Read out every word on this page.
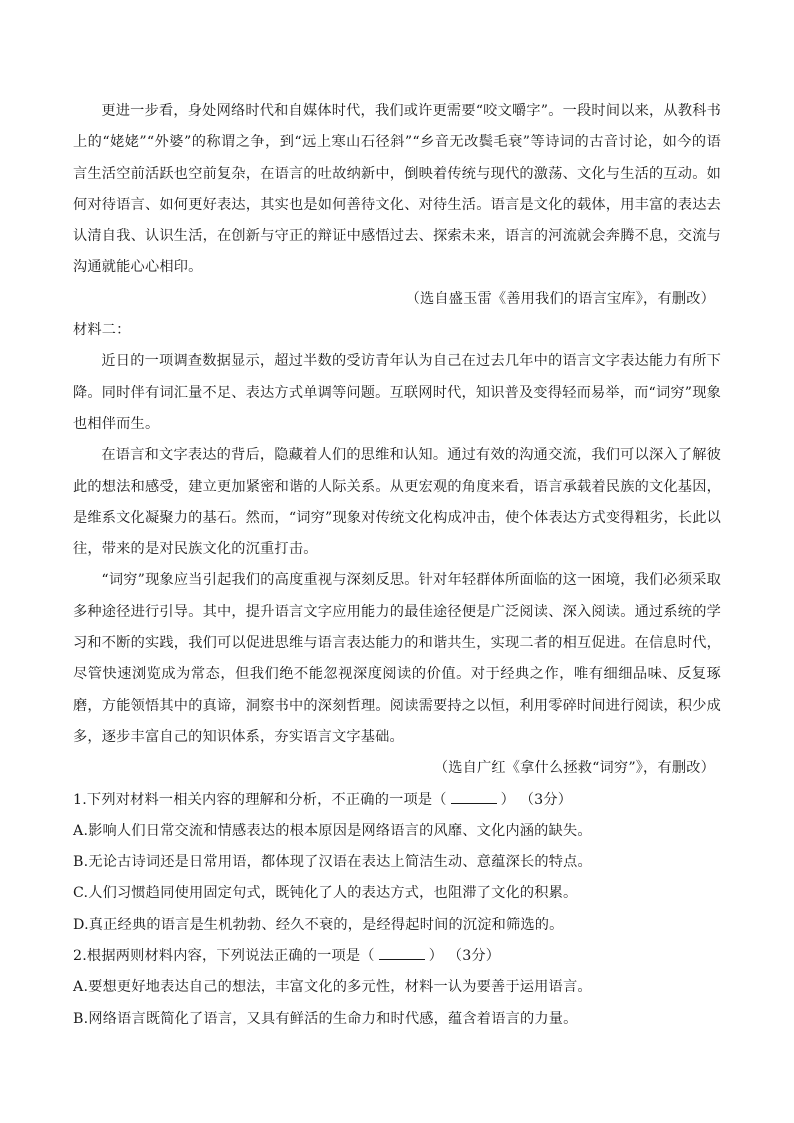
更进一步看，身处网络时代和自媒体时代，我们或许更需要“咬文嚼字”。一段时间以来，从教科书上的“姥姥”“外婆”的称谓之争，到“远上寒山石径斜”“乡音无改鬓毛衰”等诗词的古音讨论，如今的语言生活空前活跃也空前复杂，在语言的吐故纳新中，倒映着传统与现代的激荡、文化与生活的互动。如何对待语言、如何更好表达，其实也是如何善待文化、对待生活。语言是文化的载体，用丰富的表达去认清自我、认识生活，在创新与守正的辩证中感悟过去、探索未来，语言的河流就会奔腾不息，交流与沟通就能心心相印。

（选自盛玉雷《善用我们的语言宝库》，有删改）

材料二：

近日的一项调查数据显示，超过半数的受访青年认为自己在过去几年中的语言文字表达能力有所下降。同时伴有词汇量不足、表达方式单调等问题。互联网时代，知识普及变得轻而易举，而“词穷”现象也相伴而生。

在语言和文字表达的背后，隐藏着人们的思维和认知。通过有效的沟通交流，我们可以深入了解彼此的想法和感受，建立更加紧密和谐的人际关系。从更宏观的角度来看，语言承载着民族的文化基因，是维系文化凝聚力的基石。然而，“词穷”现象对传统文化构成冲击，使个体表达方式变得粗劣，长此以往，带来的是对民族文化的沉重打击。

“词穷”现象应当引起我们的高度重视与深刻反思。针对年轻群体所面临的这一困境，我们必须采取多种途径进行引导。其中，提升语言文字应用能力的最佳途径便是广泛阅读、深入阅读。通过系统的学习和不断的实践，我们可以促进思维与语言表达能力的和谐共生，实现二者的相互促进。在信息时代，尽管快速浏览成为常态，但我们绝不能忽视深度阅读的价值。对于经典之作，唯有细细品味、反复琢磨，方能领悟其中的真谛，洞察书中的深刻哲理。阅读需要持之以恒，利用零碎时间进行阅读，积少成多，逐步丰富自己的知识体系，夯实语言文字基础。

（选自广红《拿什么拯救“词穷”》，有删改）

1.下列对材料一相关内容的理解和分析，不正确的一项是（	） （3分）

A.影响人们日常交流和情感表达的根本原因是网络语言的风靡、文化内涵的缺失。

B.无论古诗词还是日常用语，都体现了汉语在表达上简洁生动、意蕴深长的特点。

C.人们习惯趋同使用固定句式，既钝化了人的表达方式，也阻滞了文化的积累。

D.真正经典的语言是生机勃勃、经久不衰的，是经得起时间的沉淀和筛选的。

2.根据两则材料内容，下列说法正确的一项是（	） （3分）

A.要想更好地表达自己的想法，丰富文化的多元性，材料一认为要善于运用语言。

B.网络语言既简化了语言，又具有鲜活的生命力和时代感，蕴含着语言的力量。
